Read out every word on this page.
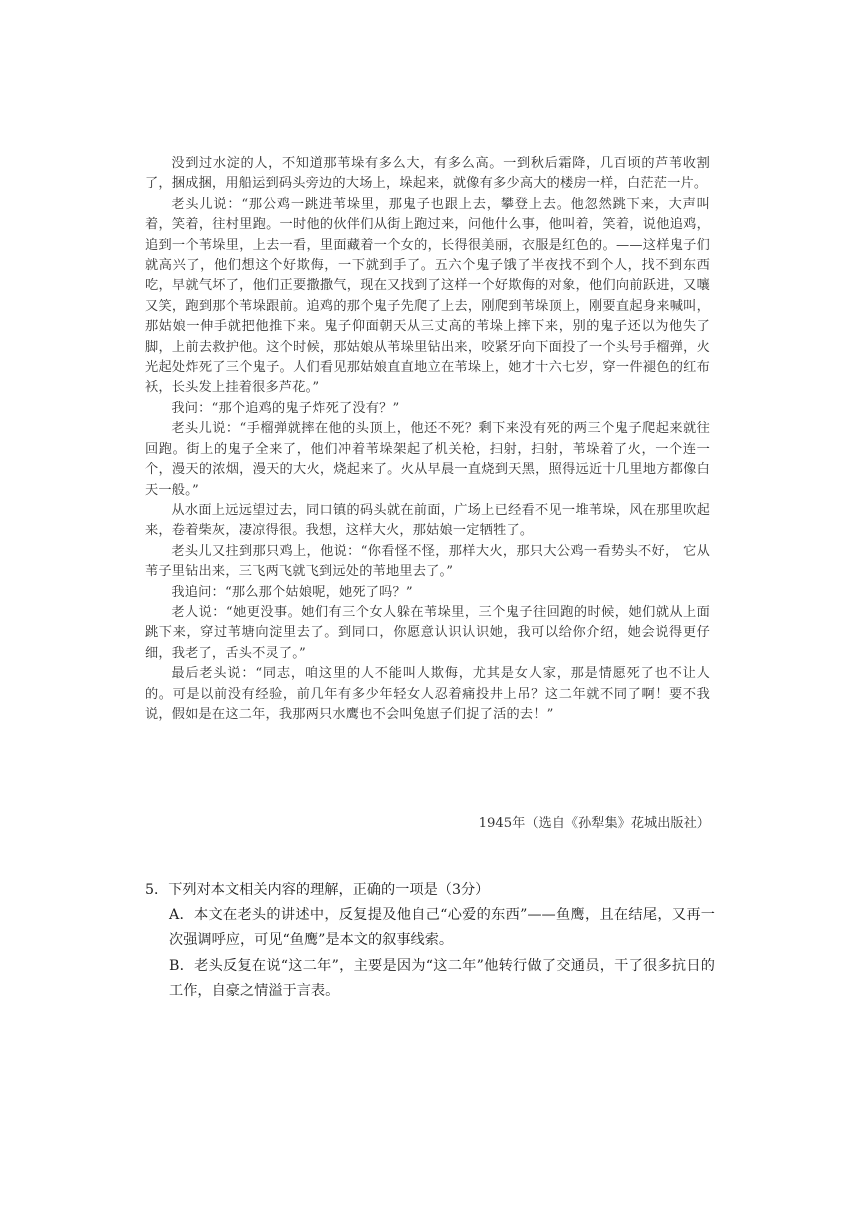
没到过水淀的人，不知道那苇垛有多么大，有多么高。一到秋后霜降，几百顷的芦苇收割了，捆成捆，用船运到码头旁边的大场上，垛起来，就像有多少高大的楼房一样，白茫茫一片。

老头儿说：“那公鸡一跳进苇垛里，那鬼子也跟上去，攀登上去。他忽然跳下来，大声叫着，笑着，往村里跑。一时他的伙伴们从街上跑过来，问他什么事，他叫着，笑着，说他追鸡，追到一个苇垛里，上去一看，里面藏着一个女的，长得很美丽，衣服是红色的。——这样鬼子们就高兴了，他们想这个好欺侮，一下就到手了。五六个鬼子饿了半夜找不到个人，找不到东西吃，早就气坏了，他们正要撒撒气，现在又找到了这样一个好欺侮的对象，他们向前跃进，又嚷又笑，跑到那个苇垛跟前。追鸡的那个鬼子先爬了上去，刚爬到苇垛顶上，刚要直起身来喊叫，那姑娘一伸手就把他推下来。鬼子仰面朝天从三丈高的苇垛上摔下来，别的鬼子还以为他失了脚，上前去救护他。这个时候，那姑娘从苇垛里钻出来，咬紧牙向下面投了一个头号手榴弹，火光起处炸死了三个鬼子。人们看见那姑娘直直地立在苇垛上，她才十六七岁，穿一件褪色的红布袄，长头发上挂着很多芦花。”

我问：“那个追鸡的鬼子炸死了没有？”

老头儿说：“手榴弹就摔在他的头顶上，他还不死？剩下来没有死的两三个鬼子爬起来就往回跑。街上的鬼子全来了，他们冲着苇垛架起了机关枪，扫射，扫射，苇垛着了火，一个连一个，漫天的浓烟，漫天的大火，烧起来了。火从早晨一直烧到天黑，照得远近十几里地方都像白天一般。”

从水面上远远望过去，同口镇的码头就在前面，广场上已经看不见一堆苇垛，风在那里吹起来，卷着柴灰，凄凉得很。我想，这样大火，那姑娘一定牺牲了。

老头儿又拄到那只鸡上，他说：“你看怪不怪，那样大火，那只大公鸡一看势头不好， 它从苇子里钻出来，三飞两飞就飞到远处的苇地里去了。”

我追问：“那么那个姑娘呢，她死了吗？”

老人说：“她更没事。她们有三个女人躲在苇垛里，三个鬼子往回跑的时候，她们就从上面跳下来，穿过苇塘向淀里去了。到同口，你愿意认识认识她，我可以给你介绍，她会说得更仔细，我老了，舌头不灵了。”

最后老头说：“同志，咱这里的人不能叫人欺侮，尤其是女人家，那是情愿死了也不让人的。可是以前没有经验，前几年有多少年轻女人忍着痛投井上吊？这二年就不同了啊！要不我说，假如是在这二年，我那两只水鹰也不会叫兔崽子们捉了活的去！”

1945年（选自《孙犁集》花城出版社）

5．下列对本文相关内容的理解，正确的一项是（3分）

A．本文在老头的讲述中，反复提及他自己“心爱的东西”——鱼鹰，且在结尾，又再一次强调呼应，可见“鱼鹰”是本文的叙事线索。

B．老头反复在说“这二年”，主要是因为“这二年”他转行做了交通员，干了很多抗日的工作，自豪之情溢于言表。
